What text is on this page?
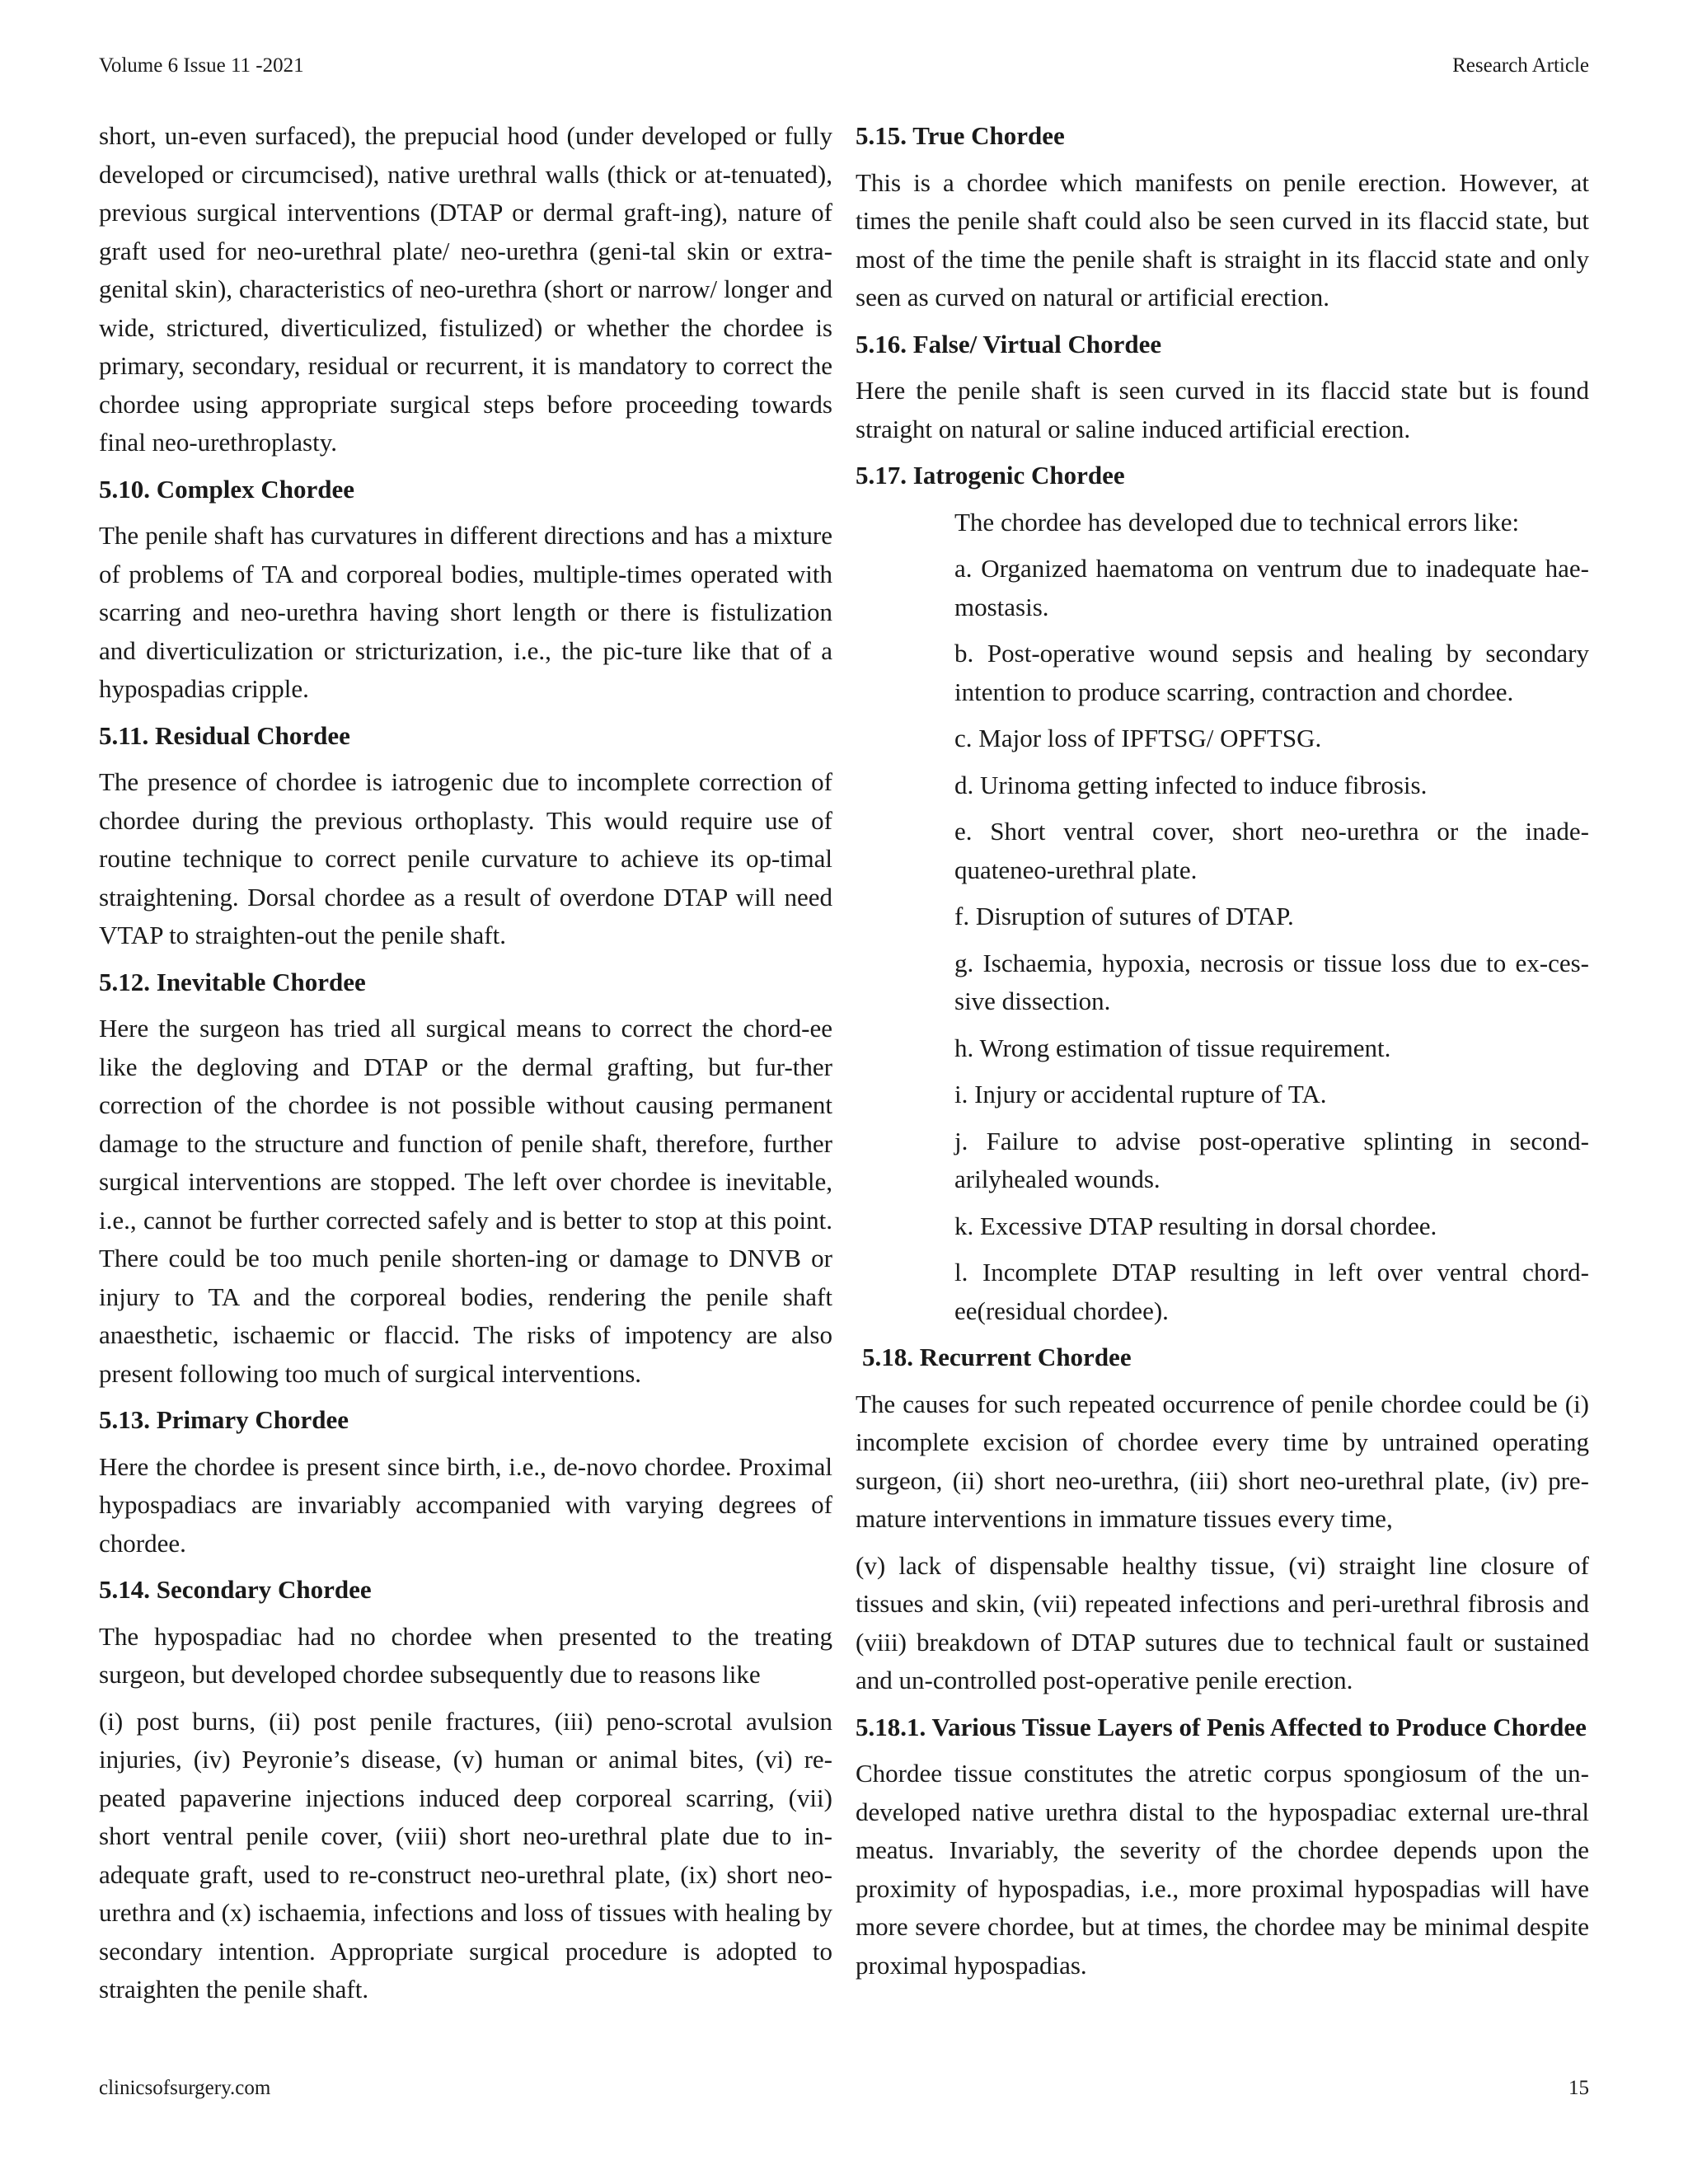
Volume 6 Issue 11 -2021	Research Article

short, un-even surfaced), the prepucial hood (under developed or fully developed or circumcised), native urethral walls (thick or at-tenuated), previous surgical interventions (DTAP or dermal graft-ing), nature of graft used for neo-urethral plate/ neo-urethra (geni-tal skin or extra-genital skin), characteristics of neo-urethra (short or narrow/ longer and wide, strictured, diverticulized, fistulized) or whether the chordee is primary, secondary, residual or recurrent, it is mandatory to correct the chordee using appropriate surgical steps before proceeding towards final neo-urethroplasty.

5.10. Complex Chordee

The penile shaft has curvatures in different directions and has a mixture of problems of TA and corporeal bodies, multiple-times operated with scarring and neo-urethra having short length or there is fistulization and diverticulization or stricturization, i.e., the pic-ture like that of a hypospadias cripple.

5.11. Residual Chordee

The presence of chordee is iatrogenic due to incomplete correction of chordee during the previous orthoplasty. This would require use of routine technique to correct penile curvature to achieve its op-timal straightening. Dorsal chordee as a result of overdone DTAP will need VTAP to straighten-out the penile shaft.

5.12. Inevitable Chordee

Here the surgeon has tried all surgical means to correct the chord-ee like the degloving and DTAP or the dermal grafting, but fur-ther correction of the chordee is not possible without causing permanent damage to the structure and function of penile shaft, therefore, further surgical interventions are stopped. The left over chordee is inevitable, i.e., cannot be further corrected safely and is better to stop at this point. There could be too much penile shorten-ing or damage to DNVB or injury to TA and the corporeal bodies, rendering the penile shaft anaesthetic, ischaemic or flaccid. The risks of impotency are also present following too much of surgical interventions.

5.13. Primary Chordee

Here the chordee is present since birth, i.e., de-novo chordee. Proximal hypospadiacs are invariably accompanied with varying degrees of chordee.

5.14. Secondary Chordee

The hypospadiac had no chordee when presented to the treating surgeon, but developed chordee subsequently due to reasons like

(i) post burns, (ii) post penile fractures, (iii) peno-scrotal avulsion injuries, (iv) Peyronie’s disease, (v) human or animal bites, (vi) re-peated papaverine injections induced deep corporeal scarring, (vii) short ventral penile cover, (viii) short neo-urethral plate due to in-adequate graft, used to re-construct neo-urethral plate, (ix) short neo-urethra and (x) ischaemia, infections and loss of tissues with healing by secondary intention. Appropriate surgical procedure is adopted to straighten the penile shaft.

5.15. True Chordee

This is a chordee which manifests on penile erection. However, at times the penile shaft could also be seen curved in its flaccid state, but most of the time the penile shaft is straight in its flaccid state and only seen as curved on natural or artificial erection.

5.16. False/ Virtual Chordee

Here the penile shaft is seen curved in its flaccid state but is found straight on natural or saline induced artificial erection.

5.17. Iatrogenic Chordee

The chordee has developed due to technical errors like:

a. Organized haematoma on ventrum due to inadequate hae-mostasis.

b. Post-operative wound sepsis and healing by secondary intention to produce scarring, contraction and chordee.

c. Major loss of IPFTSG/ OPFTSG.

d. Urinoma getting infected to induce fibrosis.

e. Short ventral cover, short neo-urethra or the inade-quateneo-urethral plate.

f. Disruption of sutures of DTAP.

g. Ischaemia, hypoxia, necrosis or tissue loss due to ex-ces-sive dissection.

h. Wrong estimation of tissue requirement.

i. Injury or accidental rupture of TA.

j. Failure to advise post-operative splinting in second-arilyhealed wounds.

k. Excessive DTAP resulting in dorsal chordee.

l. Incomplete DTAP resulting in left over ventral chord-ee(residual chordee).

5.18. Recurrent Chordee

The causes for such repeated occurrence of penile chordee could be (i) incomplete excision of chordee every time by untrained operating surgeon, (ii) short neo-urethra, (iii) short neo-urethral plate, (iv) pre-mature interventions in immature tissues every time,

(v) lack of dispensable healthy tissue, (vi) straight line closure of tissues and skin, (vii) repeated infections and peri-urethral fibrosis and (viii) breakdown of DTAP sutures due to technical fault or sustained and un-controlled post-operative penile erection.

5.18.1. Various Tissue Layers of Penis Affected to Produce Chordee

Chordee tissue constitutes the atretic corpus spongiosum of the un-developed native urethra distal to the hypospadiac external ure-thral meatus. Invariably, the severity of the chordee depends upon the proximity of hypospadias, i.e., more proximal hypospadias will have more severe chordee, but at times, the chordee may be minimal despite proximal hypospadias.

clinicsofsurgery.com	15
